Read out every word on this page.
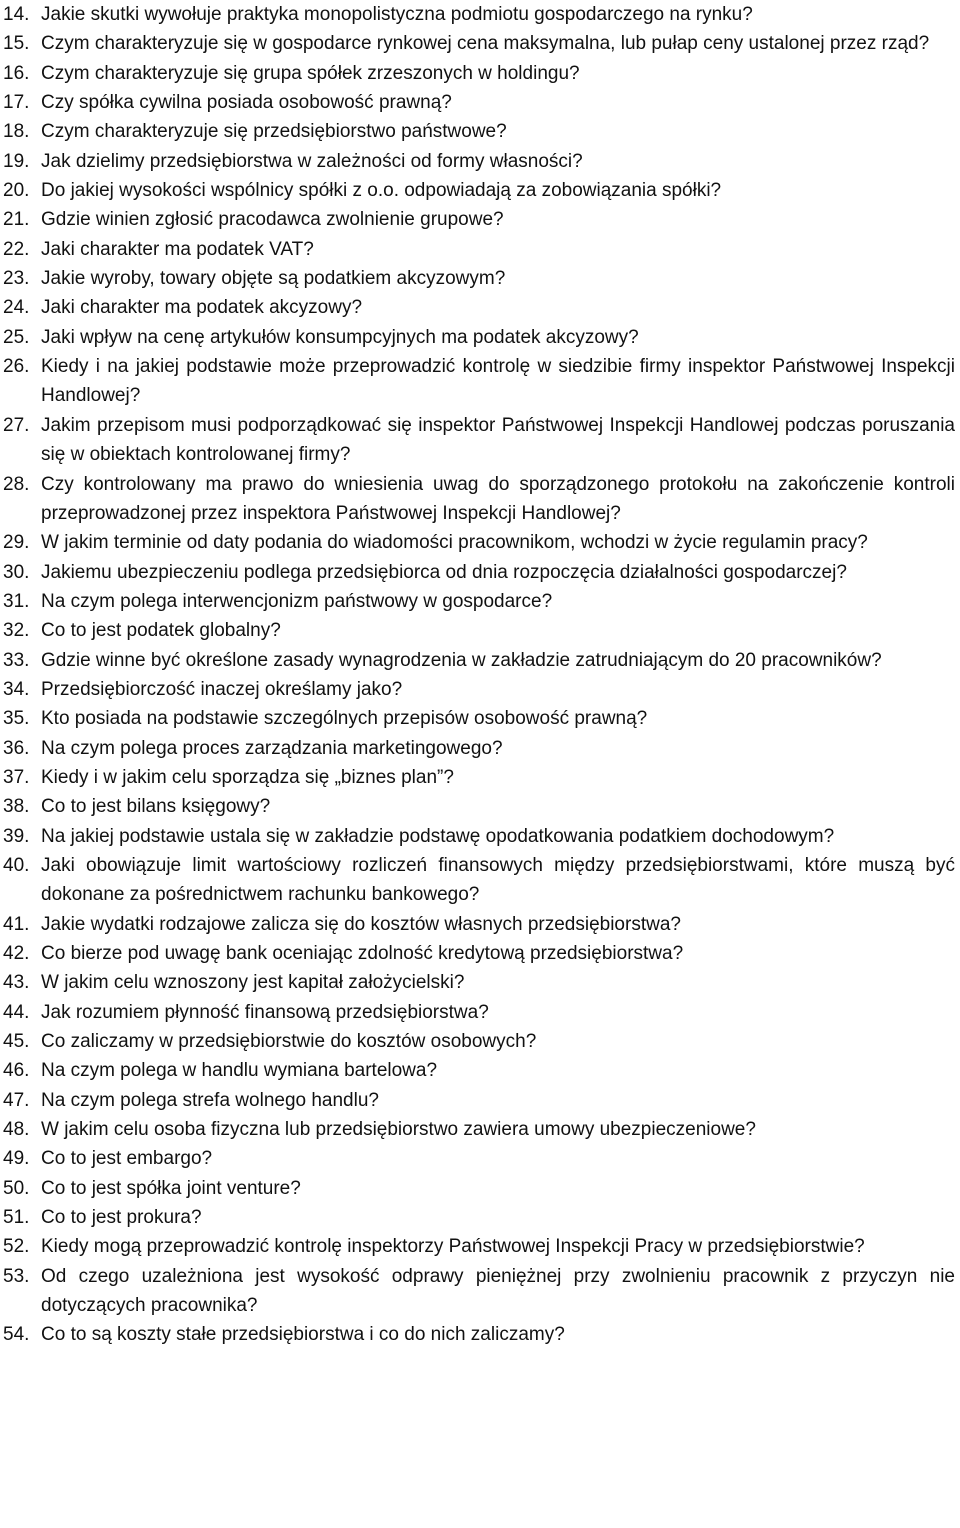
14. Jakie skutki wywołuje praktyka monopolistyczna podmiotu gospodarczego na rynku?
15. Czym charakteryzuje się w gospodarce rynkowej cena maksymalna, lub pułap ceny ustalonej przez rząd?
16. Czym charakteryzuje się grupa spółek zrzeszonych w holdingu?
17. Czy spółka cywilna posiada osobowość prawną?
18. Czym charakteryzuje się przedsiębiorstwo państwowe?
19. Jak dzielimy przedsiębiorstwa w zależności od formy własności?
20. Do jakiej wysokości wspólnicy spółki z o.o. odpowiadają za zobowiązania spółki?
21. Gdzie winien zgłosić pracodawca zwolnienie grupowe?
22. Jaki charakter ma podatek VAT?
23. Jakie wyroby, towary objęte są podatkiem akcyzowym?
24. Jaki charakter ma podatek akcyzowy?
25. Jaki wpływ na cenę artykułów konsumpcyjnych ma podatek akcyzowy?
26. Kiedy i na jakiej podstawie może przeprowadzić kontrolę w siedzibie firmy inspektor Państwowej Inspekcji Handlowej?
27. Jakim przepisom musi podporządkować się inspektor Państwowej Inspekcji Handlowej podczas poruszania się w obiektach kontrolowanej firmy?
28. Czy kontrolowany ma prawo do wniesienia uwag do sporządzonego protokołu na zakończenie kontroli przeprowadzonej przez inspektora Państwowej Inspekcji Handlowej?
29. W jakim terminie od daty podania do wiadomości pracownikom, wchodzi w życie regulamin pracy?
30. Jakiemu ubezpieczeniu podlega przedsiębiorca od dnia rozpoczęcia działalności gospodarczej?
31. Na czym polega interwencjonizm państwowy w gospodarce?
32. Co to jest podatek globalny?
33. Gdzie winne być określone zasady wynagrodzenia w zakładzie zatrudniającym do 20 pracowników?
34. Przedsiębiorczość inaczej określamy jako?
35. Kto posiada na podstawie szczególnych przepisów osobowość prawną?
36. Na czym polega proces zarządzania marketingowego?
37. Kiedy i w jakim celu sporządza się „biznes plan”?
38. Co to jest bilans księgowy?
39. Na jakiej podstawie ustala się w zakładzie podstawę opodatkowania podatkiem dochodowym?
40. Jaki obowiązuje limit wartościowy rozliczeń finansowych między przedsiębiorstwami, które muszą być dokonane za pośrednictwem rachunku bankowego?
41. Jakie wydatki rodzajowe zalicza się do kosztów własnych przedsiębiorstwa?
42. Co bierze pod uwagę bank oceniając zdolność kredytową przedsiębiorstwa?
43. W jakim celu wznoszony jest kapitał założycielski?
44. Jak rozumiem płynność finansową przedsiębiorstwa?
45. Co zaliczamy w przedsiębiorstwie do kosztów osobowych?
46. Na czym polega w handlu wymiana bartelowa?
47. Na czym polega strefa wolnego handlu?
48. W jakim celu osoba fizyczna lub przedsiębiorstwo zawiera umowy ubezpieczeniowe?
49. Co to jest embargo?
50. Co to jest spółka joint venture?
51. Co to jest prokura?
52. Kiedy mogą przeprowadzić kontrolę inspektorzy Państwowej Inspekcji Pracy w przedsiębiorstwie?
53. Od czego uzależniona jest wysokość odprawy pieniężnej przy zwolnieniu pracownik z przyczyn nie dotyczących pracownika?
54. Co to są koszty stałe przedsiębiorstwa i co do nich zaliczamy?
